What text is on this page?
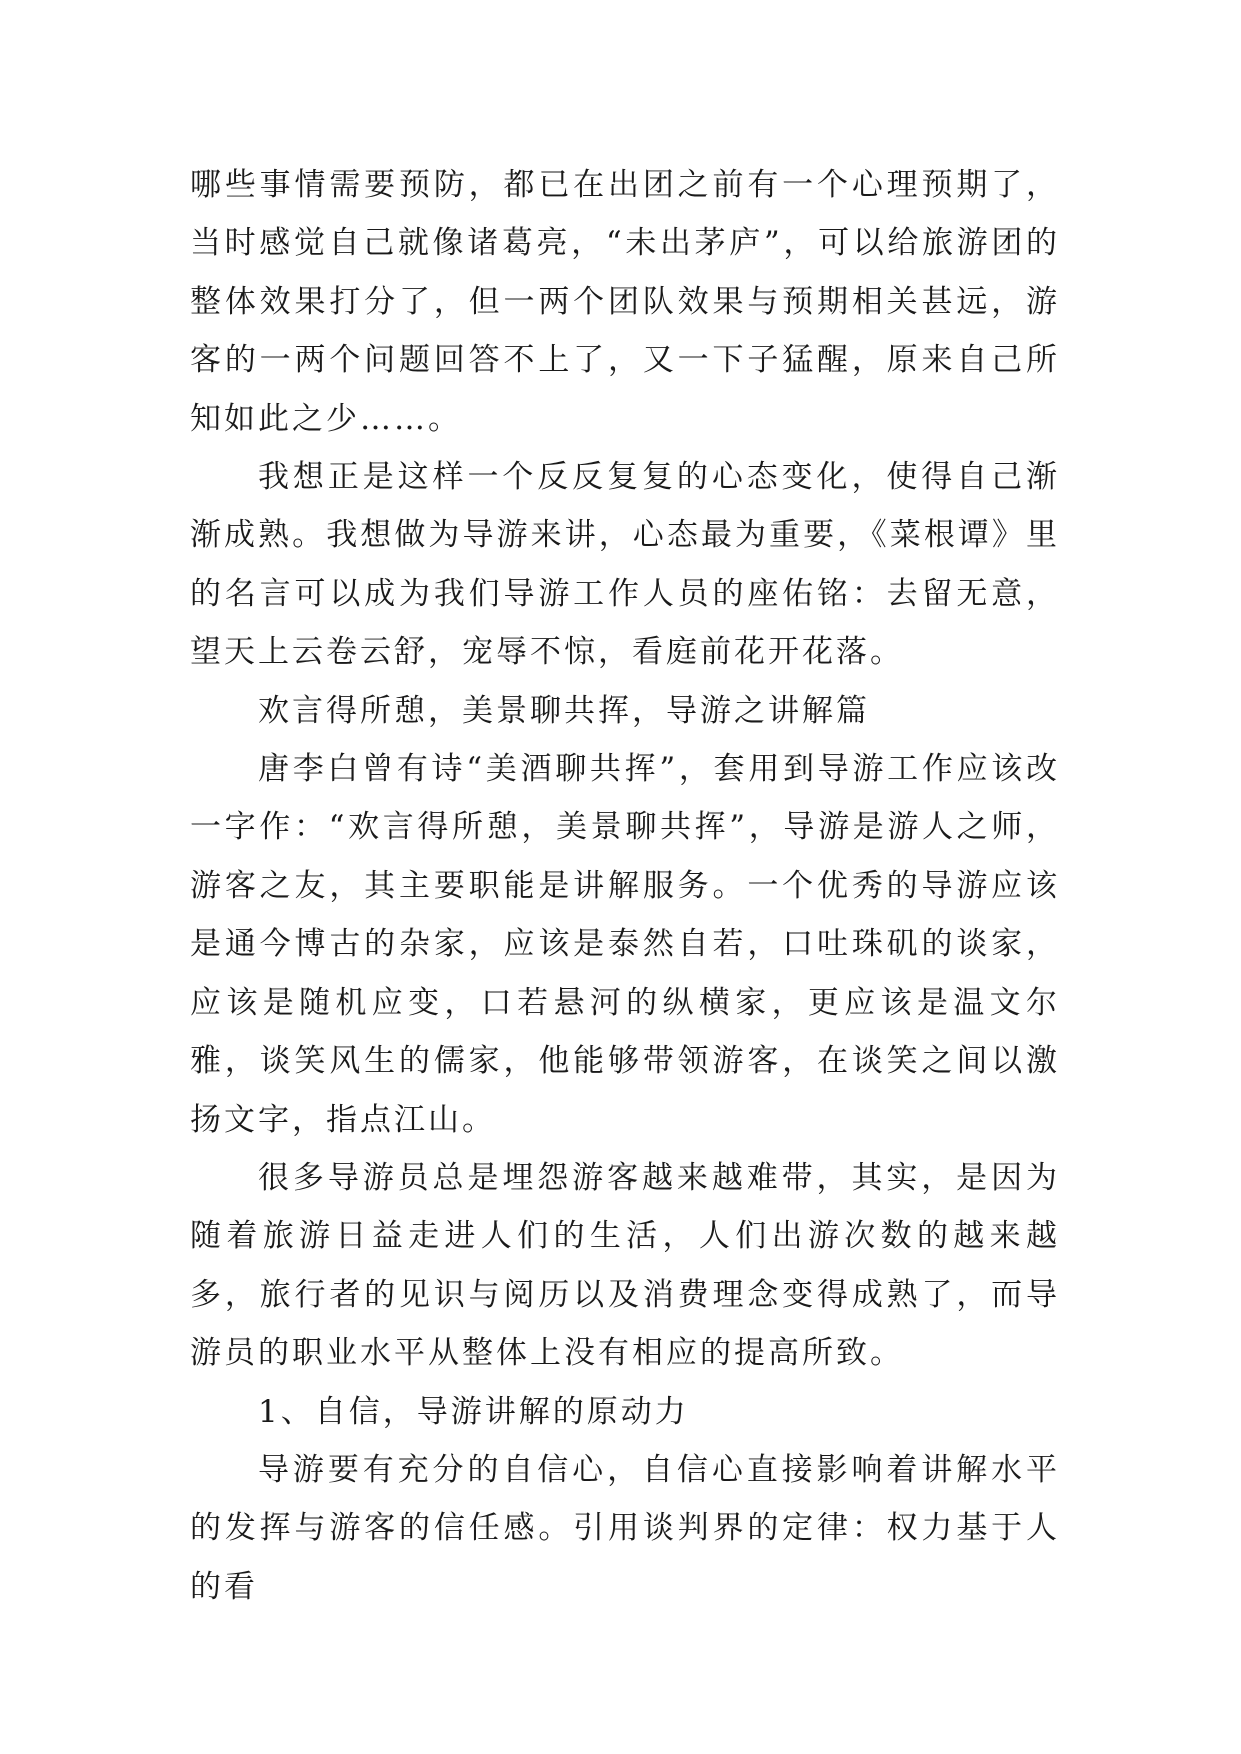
哪些事情需要预防，都已在出团之前有一个心理预期了，当时感觉自己就像诸葛亮，“未出茅庐”，可以给旅游团的整体效果打分了，但一两个团队效果与预期相关甚远，游客的一两个问题回答不上了，又一下子猛醒，原来自己所知如此之少……。

我想正是这样一个反反复复的心态变化，使得自己渐渐成熟。我想做为导游来讲，心态最为重要，《菜根谭》里的名言可以成为我们导游工作人员的座佑铭：去留无意，望天上云卷云舒，宠辱不惊，看庭前花开花落。

欢言得所憩，美景聊共挥，导游之讲解篇

唐李白曾有诗“美酒聊共挥”，套用到导游工作应该改一字作：“欢言得所憩，美景聊共挥”，导游是游人之师，游客之友，其主要职能是讲解服务。一个优秀的导游应该是通今博古的杂家，应该是泰然自若，口吐珠矶的谈家，应该是随机应变，口若悬河的纵横家，更应该是温文尔雅，谈笑风生的儒家，他能够带领游客，在谈笑之间以激扬文字，指点江山。

很多导游员总是埋怨游客越来越难带，其实，是因为随着旅游日益走进人们的生活，人们出游次数的越来越多，旅行者的见识与阅历以及消费理念变得成熟了，而导游员的职业水平从整体上没有相应的提高所致。

1、自信，导游讲解的原动力

导游要有充分的自信心，自信心直接影响着讲解水平的发挥与游客的信任感。引用谈判界的定律：权力基于人的看
